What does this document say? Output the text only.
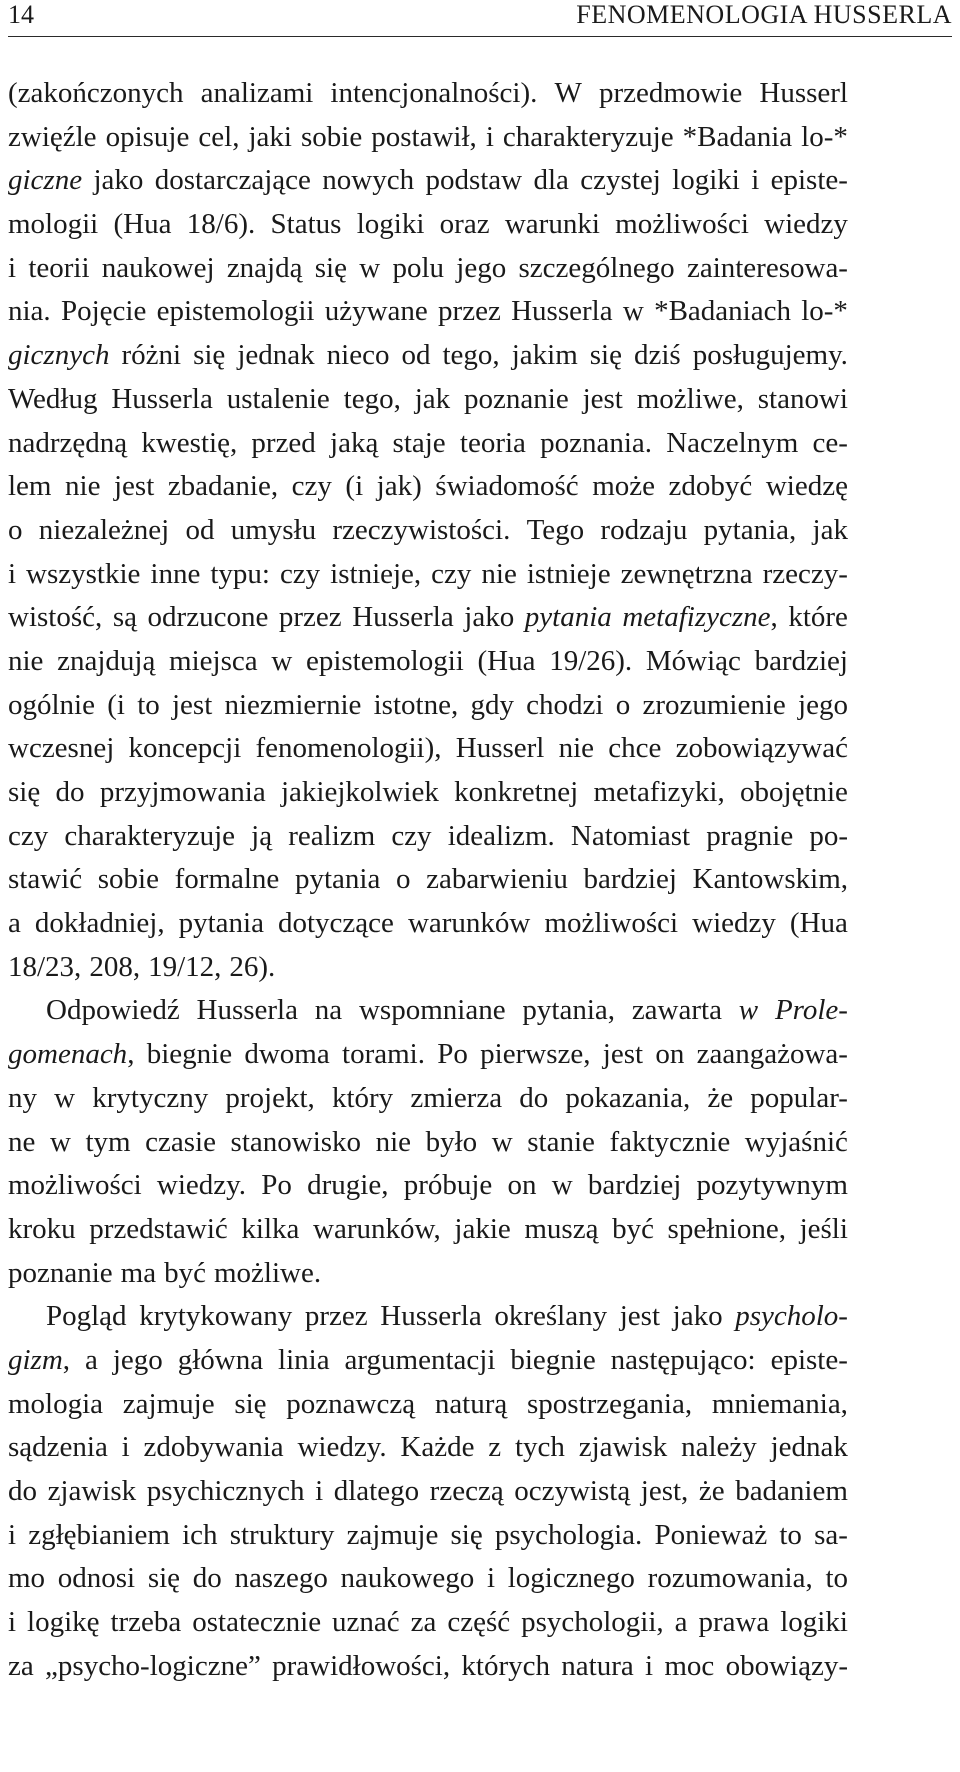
14	FENOMENOLOGIA HUSSERLA
(zakończonych analizami intencjonalności). W przedmowie Husserl
zwięźle opisuje cel, jaki sobie postawił, i charakteryzuje *Badania lo-*
giczne jako dostarczające nowych podstaw dla czystej logiki i episte-
mologii (Hua 18/6). Status logiki oraz warunki możliwości wiedzy
i teorii naukowej znajdą się w polu jego szczególnego zainteresowa-
nia. Pojęcie epistemologii używane przez Husserla w *Badaniach lo-*
gicznych różni się jednak nieco od tego, jakim się dziś posługujemy.
Według Husserla ustalenie tego, jak poznanie jest możliwe, stanowi
nadrzędną kwestię, przed jaką staje teoria poznania. Naczelnym ce-
lem nie jest zbadanie, czy (i jak) świadomość może zdobyć wiedzę
o niezależnej od umysłu rzeczywistości. Tego rodzaju pytania, jak
i wszystkie inne typu: czy istnieje, czy nie istnieje zewnętrzna rzeczy-
wistość, są odrzucone przez Husserla jako pytania metafizyczne, które
nie znajdują miejsca w epistemologii (Hua 19/26). Mówiąc bardziej
ogólnie (i to jest niezmiernie istotne, gdy chodzi o zrozumienie jego
wczesnej koncepcji fenomenologii), Husserl nie chce zobowiązywać
się do przyjmowania jakiejkolwiek konkretnej metafizyki, obojętnie
czy charakteryzuje ją realizm czy idealizm. Natomiast pragnie po-
stawić sobie formalne pytania o zabarwieniu bardziej Kantowskim,
a dokładniej, pytania dotyczące warunków możliwości wiedzy (Hua
18/23, 208, 19/12, 26).
Odpowiedź Husserla na wspomniane pytania, zawarta w Prole-
gomenach, biegnie dwoma torami. Po pierwsze, jest on zaangażowa-
ny w krytyczny projekt, który zmierza do pokazania, że popular-
ne w tym czasie stanowisko nie było w stanie faktycznie wyjaśnić
możliwości wiedzy. Po drugie, próbuje on w bardziej pozytywnym
kroku przedstawić kilka warunków, jakie muszą być spełnione, jeśli
poznanie ma być możliwe.
Pogląd krytykowany przez Husserla określany jest jako psycholo-
gizm, a jego główna linia argumentacji biegnie następująco: episte-
mologia zajmuje się poznawczą naturą spostrzegania, mniemania,
sądzenia i zdobywania wiedzy. Każde z tych zjawisk należy jednak
do zjawisk psychicznych i dlatego rzeczą oczywistą jest, że badaniem
i zgłębianiem ich struktury zajmuje się psychologia. Ponieważ to sa-
mo odnosi się do naszego naukowego i logicznego rozumowania, to
i logikę trzeba ostatecznie uznać za część psychologii, a prawa logiki
za „psycho-logiczne” prawidłowości, których natura i moc obowiązy-
